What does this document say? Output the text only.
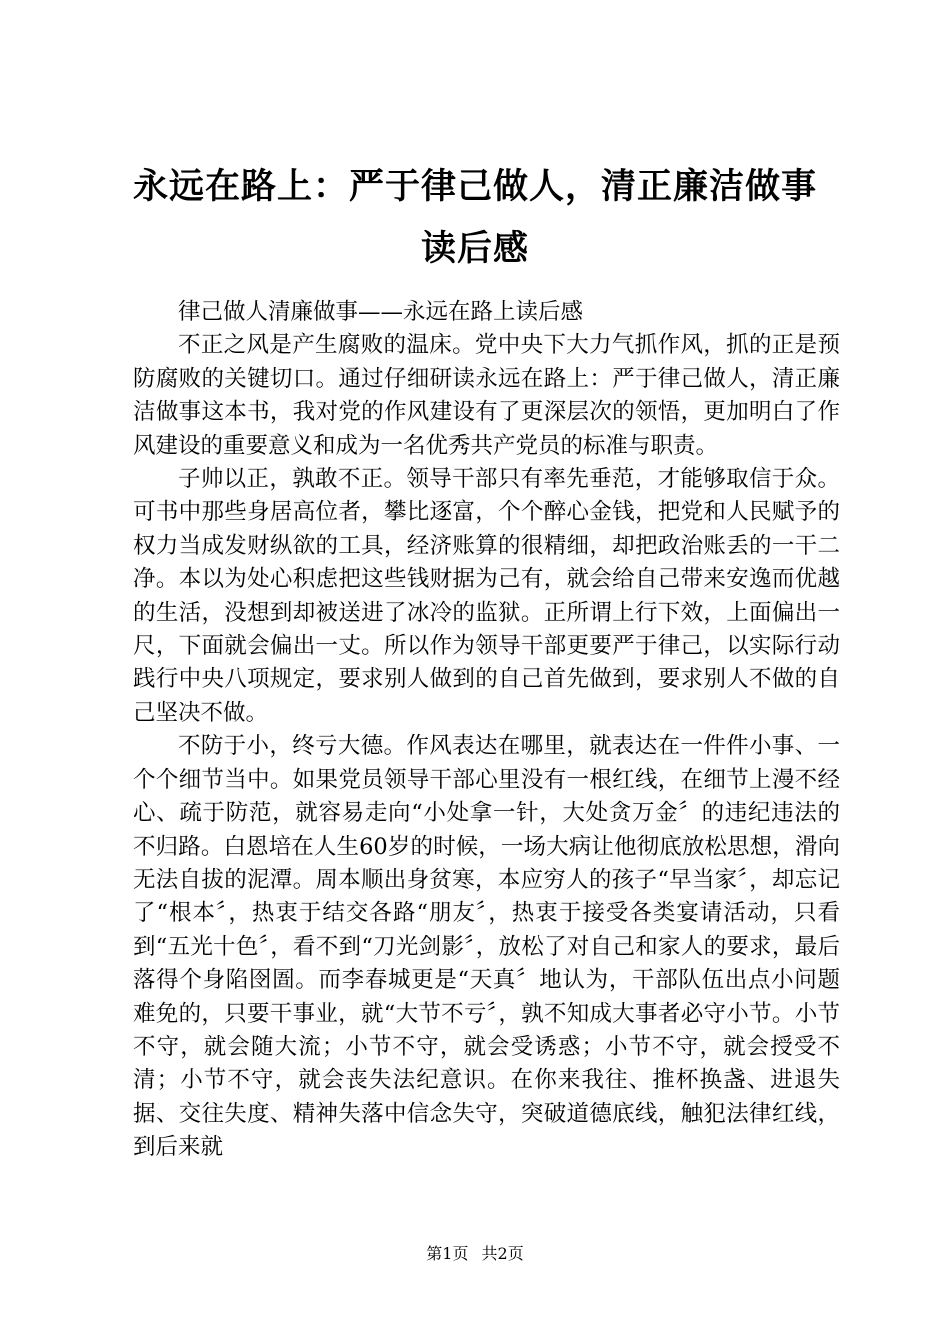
永远在路上：严于律己做人，清正廉洁做事读后感

律己做人清廉做事——永远在路上读后感

不正之风是产生腐败的温床。党中央下大力气抓作风，抓的正是预防腐败的关键切口。通过仔细研读永远在路上：严于律己做人，清正廉洁做事这本书，我对党的作风建设有了更深层次的领悟，更加明白了作风建设的重要意义和成为一名优秀共产党员的标准与职责。

子帅以正，孰敢不正。领导干部只有率先垂范，才能够取信于众。可书中那些身居高位者，攀比逐富，个个醉心金钱，把党和人民赋予的权力当成发财纵欲的工具，经济账算的很精细，却把政治账丢的一干二净。本以为处心积虑把这些钱财据为己有，就会给自己带来安逸而优越的生活，没想到却被送进了冰冷的监狱。正所谓上行下效，上面偏出一尺，下面就会偏出一丈。所以作为领导干部更要严于律己，以实际行动践行中央八项规定，要求别人做到的自己首先做到，要求别人不做的自己坚决不做。

不防于小，终亏大德。作风表达在哪里，就表达在一件件小事、一个个细节当中。如果党员领导干部心里没有一根红线，在细节上漫不经心、疏于防范，就容易走向“小处拿一针，大处贪万金〞的违纪违法的不归路。白恩培在人生60岁的时候，一场大病让他彻底放松思想，滑向无法自拔的泥潭。周本顺出身贫寒，本应穷人的孩子“早当家〞，却忘记了“根本〞，热衷于结交各路“朋友〞，热衷于接受各类宴请活动，只看到“五光十色〞，看不到“刀光剑影〞，放松了对自己和家人的要求，最后落得个身陷囹圄。而李春城更是“天真〞地认为，干部队伍出点小问题难免的，只要干事业，就“大节不亏〞，孰不知成大事者必守小节。小节不守，就会随大流；小节不守，就会受诱惑；小节不守，就会授受不清；小节不守，就会丧失法纪意识。在你来我往、推杯换盏、进退失据、交往失度、精神失落中信念失守，突破道德底线，触犯法律红线，到后来就

第1页 共2页
